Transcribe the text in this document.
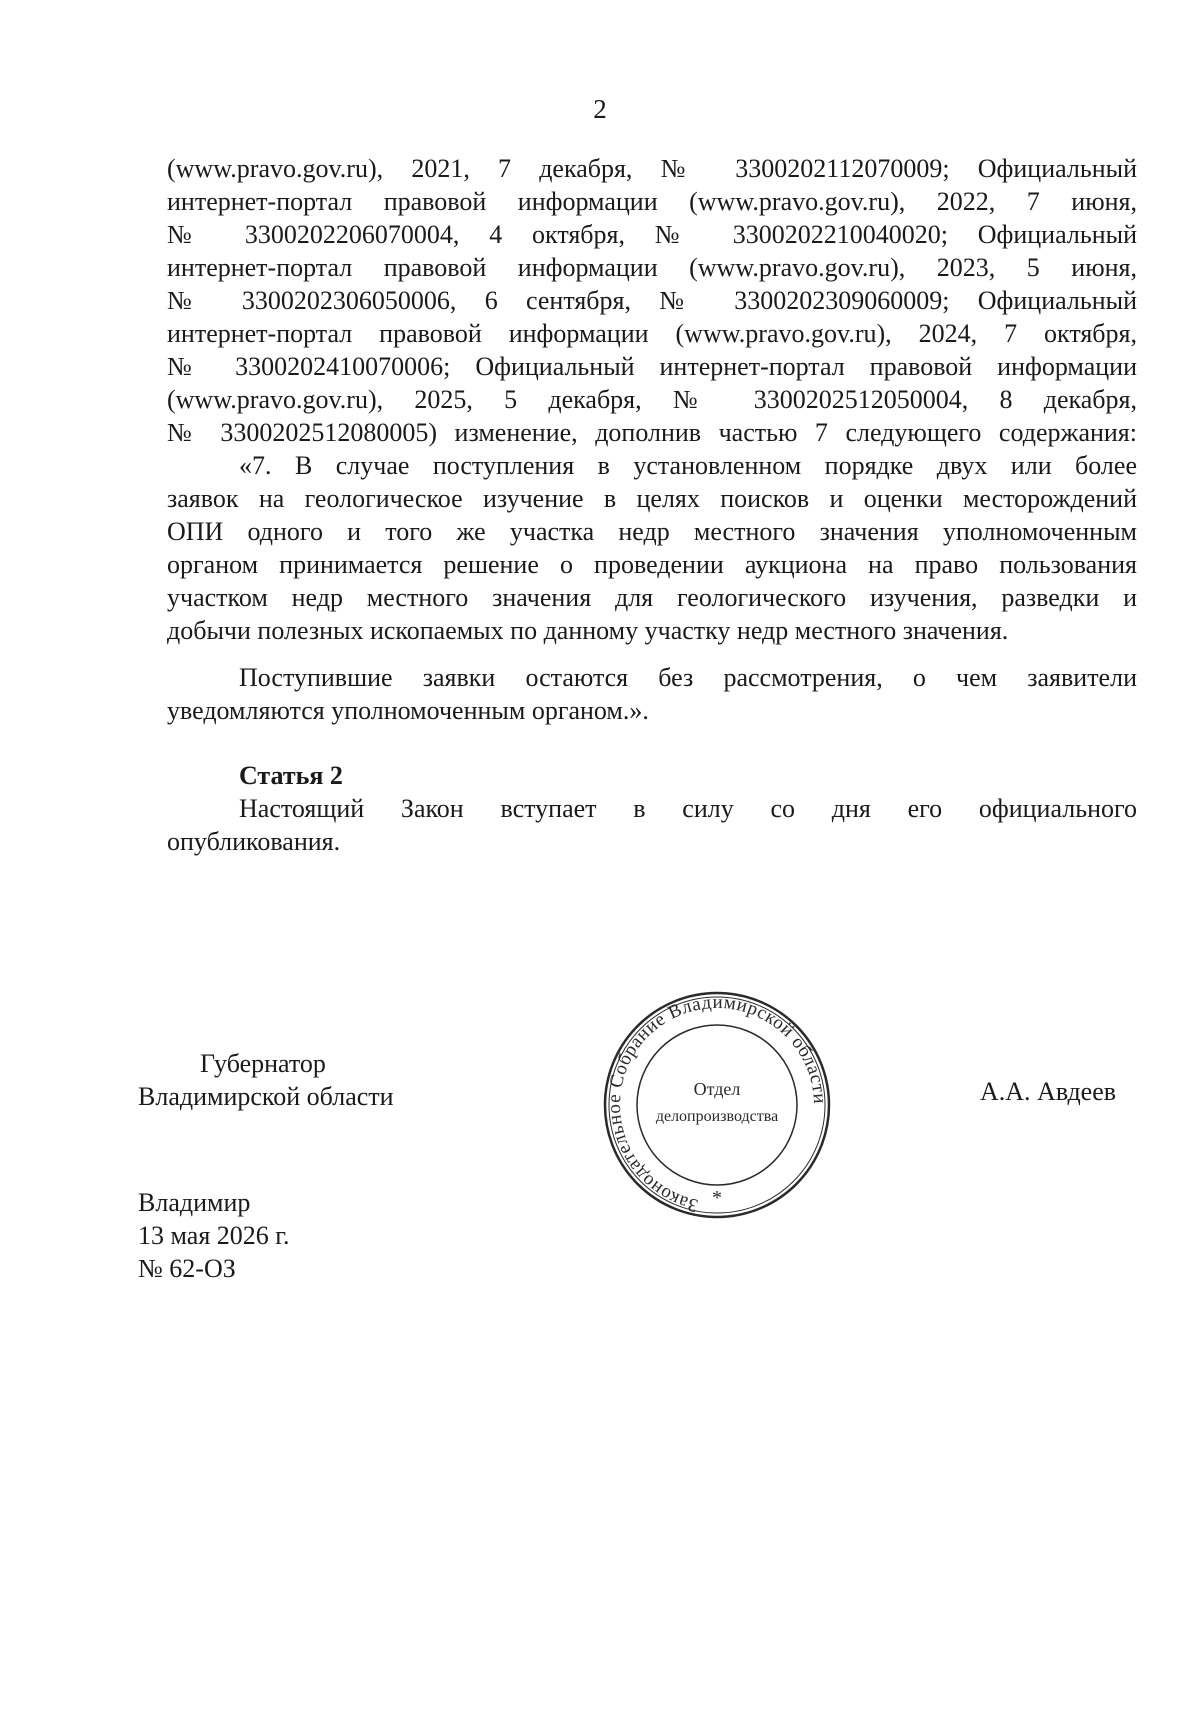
2
(www.pravo.gov.ru), 2021, 7 декабря, № 3300202112070009; Официальный
интернет-портал правовой информации (www.pravo.gov.ru), 2022, 7 июня,
№ 3300202206070004, 4 октября, № 3300202210040020; Официальный
интернет-портал правовой информации (www.pravo.gov.ru), 2023, 5 июня,
№ 3300202306050006, 6 сентября, № 3300202309060009; Официальный
интернет-портал правовой информации (www.pravo.gov.ru), 2024, 7 октября,
№ 3300202410070006; Официальный интернет-портал правовой информации
(www.pravo.gov.ru), 2025, 5 декабря, № 3300202512050004, 8 декабря,
№ 3300202512080005) изменение, дополнив частью 7 следующего содержания:
«7. В случае поступления в установленном порядке двух или более
заявок на геологическое изучение в целях поисков и оценки месторождений
ОПИ одного и того же участка недр местного значения уполномоченным
органом принимается решение о проведении аукциона на право пользования
участком недр местного значения для геологического изучения, разведки и
добычи полезных ископаемых по данному участку недр местного значения.
Поступившие заявки остаются без рассмотрения, о чем заявители
уведомляются уполномоченным органом.».
Статья 2
Настоящий Закон вступает в силу со дня его официального
опубликования.
Губернатор
Владимирской области
Законодательное Собрание Владимирской области
Отдел
делопроизводства
*
А.А. Авдеев
Владимир
13 мая 2026 г.
№ 62-ОЗ
